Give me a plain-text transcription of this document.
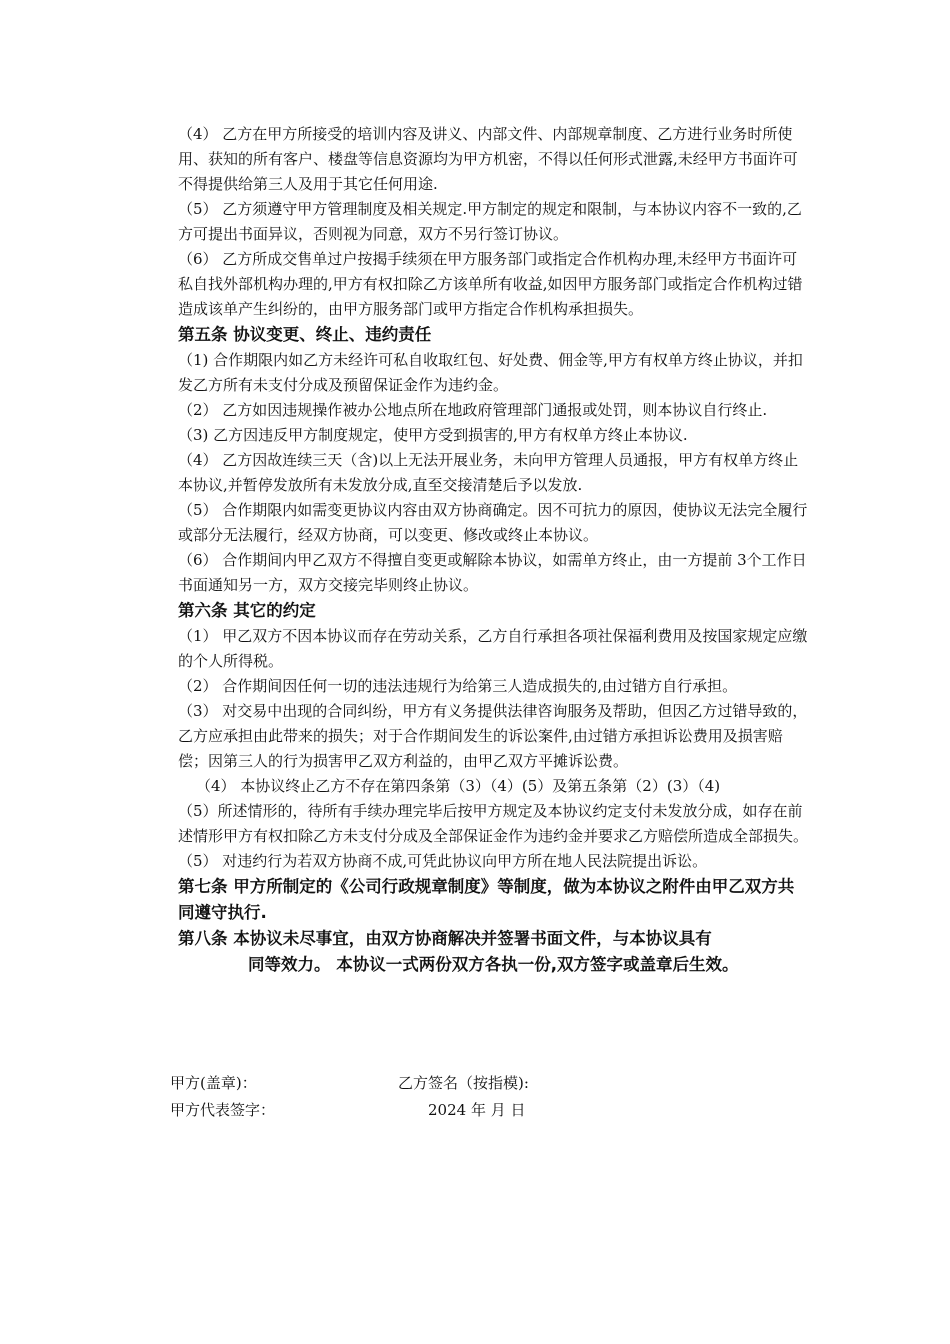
（4） 乙方在甲方所接受的培训内容及讲义、内部文件、内部规章制度、乙方进行业务时所使用、获知的所有客户、楼盘等信息资源均为甲方机密，不得以任何形式泄露,未经甲方书面许可不得提供给第三人及用于其它任何用途.

（5） 乙方须遵守甲方管理制度及相关规定.甲方制定的规定和限制，与本协议内容不一致的,乙方可提出书面异议，否则视为同意，双方不另行签订协议。

（6） 乙方所成交售单过户按揭手续须在甲方服务部门或指定合作机构办理,未经甲方书面许可私自找外部机构办理的,甲方有权扣除乙方该单所有收益,如因甲方服务部门或指定合作机构过错造成该单产生纠纷的，由甲方服务部门或甲方指定合作机构承担损失。

第五条 协议变更、终止、违约责任

（1) 合作期限内如乙方未经许可私自收取红包、好处费、佣金等,甲方有权单方终止协议，并扣发乙方所有未支付分成及预留保证金作为违约金。

（2） 乙方如因违规操作被办公地点所在地政府管理部门通报或处罚，则本协议自行终止.

（3) 乙方因违反甲方制度规定，使甲方受到损害的,甲方有权单方终止本协议.

（4） 乙方因故连续三天（含)以上无法开展业务，未向甲方管理人员通报，甲方有权单方终止本协议,并暂停发放所有未发放分成,直至交接清楚后予以发放.

（5） 合作期限内如需变更协议内容由双方协商确定。因不可抗力的原因，使协议无法完全履行或部分无法履行，经双方协商，可以变更、修改或终止本协议。

（6） 合作期间内甲乙双方不得擅自变更或解除本协议，如需单方终止，由一方提前 3个工作日书面通知另一方，双方交接完毕则终止协议。

第六条 其它的约定

（1） 甲乙双方不因本协议而存在劳动关系，乙方自行承担各项社保福利费用及按国家规定应缴的个人所得税。

（2） 合作期间因任何一切的违法违规行为给第三人造成损失的,由过错方自行承担。

（3） 对交易中出现的合同纠纷，甲方有义务提供法律咨询服务及帮助，但因乙方过错导致的，乙方应承担由此带来的损失；对于合作期间发生的诉讼案件,由过错方承担诉讼费用及损害赔偿；因第三人的行为损害甲乙双方利益的，由甲乙双方平摊诉讼费。

（4） 本协议终止乙方不存在第四条第（3）（4）(5）及第五条第（2）(3）（4)

（5）所述情形的，待所有手续办理完毕后按甲方规定及本协议约定支付未发放分成，如存在前述情形甲方有权扣除乙方未支付分成及全部保证金作为违约金并要求乙方赔偿所造成全部损失。

（5） 对违约行为若双方协商不成,可凭此协议向甲方所在地人民法院提出诉讼。

第七条 甲方所制定的《公司行政规章制度》等制度，做为本协议之附件由甲乙双方共同遵守执行.

第八条 本协议未尽事宜，由双方协商解决并签署书面文件，与本协议具有
同等效力。 本协议一式两份双方各执一份,双方签字或盖章后生效。

甲方(盖章)：	乙方签名（按指模):
甲方代表签字：	2024 年 月 日
